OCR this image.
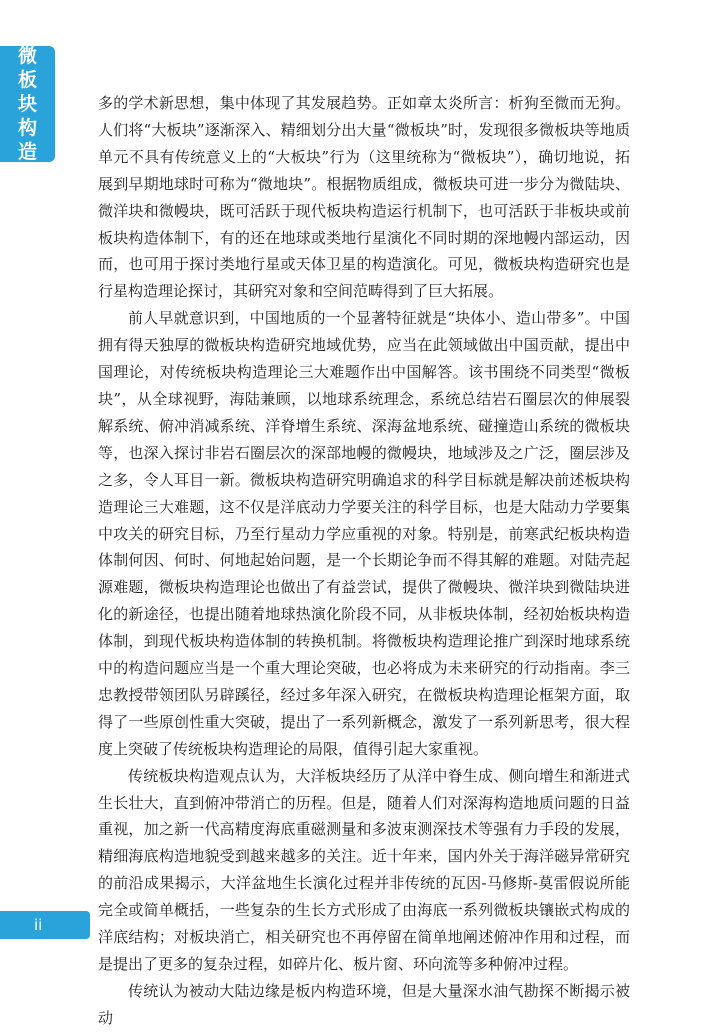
微
板
块
构
造

多的学术新思想，集中体现了其发展趋势。正如章太炎所言：析狗至微而无狗。人们将“大板块”逐渐深入、精细划分出大量“微板块”时，发现很多微板块等地质单元不具有传统意义上的“大板块”行为（这里统称为“微板块”），确切地说，拓展到早期地球时可称为“微地块”。根据物质组成，微板块可进一步分为微陆块、微洋块和微幔块，既可活跃于现代板块构造运行机制下，也可活跃于非板块或前板块构造体制下，有的还在地球或类地行星演化不同时期的深地幔内部运动，因而，也可用于探讨类地行星或天体卫星的构造演化。可见，微板块构造研究也是行星构造理论探讨，其研究对象和空间范畴得到了巨大拓展。

前人早就意识到，中国地质的一个显著特征就是“块体小、造山带多”。中国拥有得天独厚的微板块构造研究地域优势，应当在此领域做出中国贡献，提出中国理论，对传统板块构造理论三大难题作出中国解答。该书围绕不同类型“微板块”，从全球视野，海陆兼顾，以地球系统理念，系统总结岩石圈层次的伸展裂解系统、俯冲消减系统、洋脊增生系统、深海盆地系统、碰撞造山系统的微板块等，也深入探讨非岩石圈层次的深部地幔的微幔块，地域涉及之广泛，圈层涉及之多，令人耳目一新。微板块构造研究明确追求的科学目标就是解决前述板块构造理论三大难题，这不仅是洋底动力学要关注的科学目标，也是大陆动力学要集中攻关的研究目标，乃至行星动力学应重视的对象。特别是，前寒武纪板块构造体制何因、何时、何地起始问题，是一个长期论争而不得其解的难题。对陆壳起源难题，微板块构造理论也做出了有益尝试，提供了微幔块、微洋块到微陆块进化的新途径，也提出随着地球热演化阶段不同，从非板块体制，经初始板块构造体制，到现代板块构造体制的转换机制。将微板块构造理论推广到深时地球系统中的构造问题应当是一个重大理论突破，也必将成为未来研究的行动指南。李三忠教授带领团队另辟蹊径，经过多年深入研究，在微板块构造理论框架方面，取得了一些原创性重大突破，提出了一系列新概念，激发了一系列新思考，很大程度上突破了传统板块构造理论的局限，值得引起大家重视。

传统板块构造观点认为，大洋板块经历了从洋中脊生成、侧向增生和渐进式生长壮大，直到俯冲带消亡的历程。但是，随着人们对深海构造地质问题的日益重视，加之新一代高精度海底重磁测量和多波束测深技术等强有力手段的发展，精细海底构造地貌受到越来越多的关注。近十年来，国内外关于海洋磁异常研究的前沿成果揭示，大洋盆地生长演化过程并非传统的瓦因-马修斯-莫雷假说所能完全或简单概括，一些复杂的生长方式形成了由海底一系列微板块镶嵌式构成的洋底结构；对板块消亡，相关研究也不再停留在简单地阐述俯冲作用和过程，而是提出了更多的复杂过程，如碎片化、板片窗、环向流等多种俯冲过程。

传统认为被动大陆边缘是板内构造环境，但是大量深水油气勘探不断揭示被动

ii
